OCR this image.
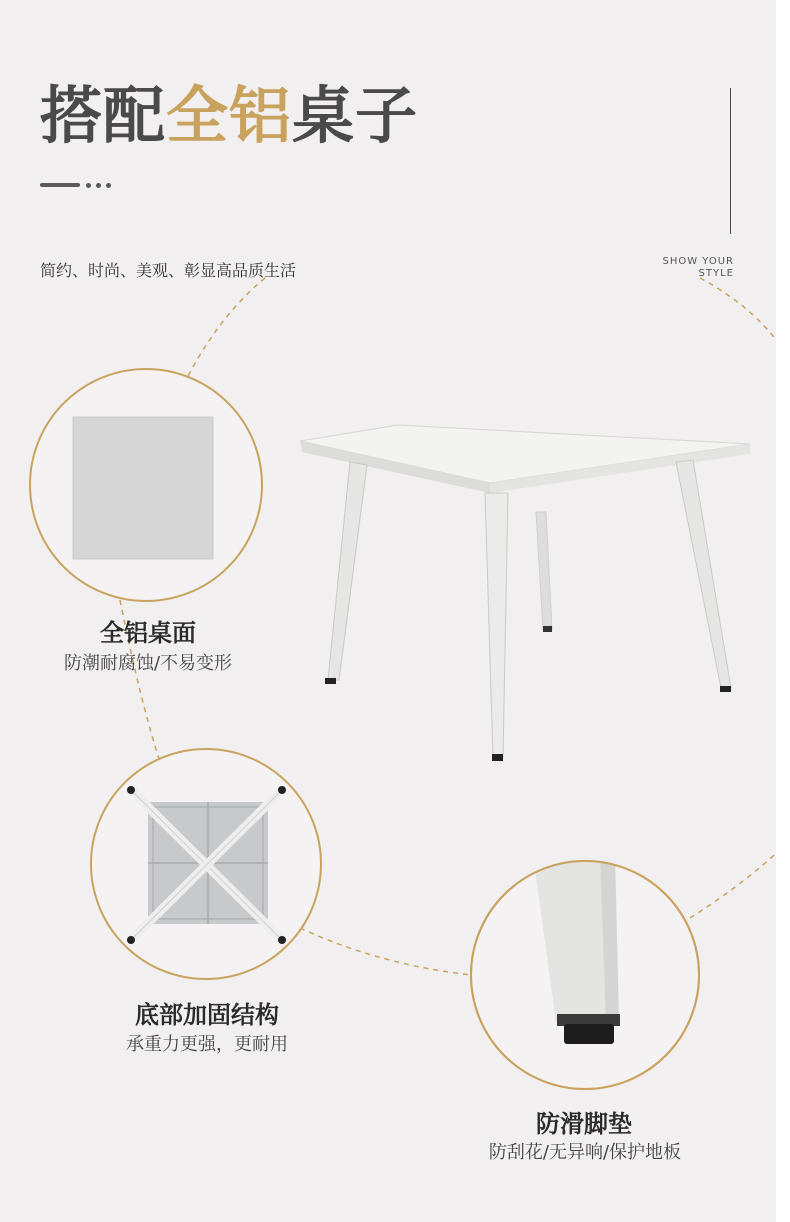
搭配全铝桌子
简约、时尚、美观、彰显高品质生活	SHOW YOUR
STYLE
全铝桌面
防潮耐腐蚀/不易变形
底部加固结构
承重力更强，更耐用
防滑脚垫
防刮花/无异响/保护地板
